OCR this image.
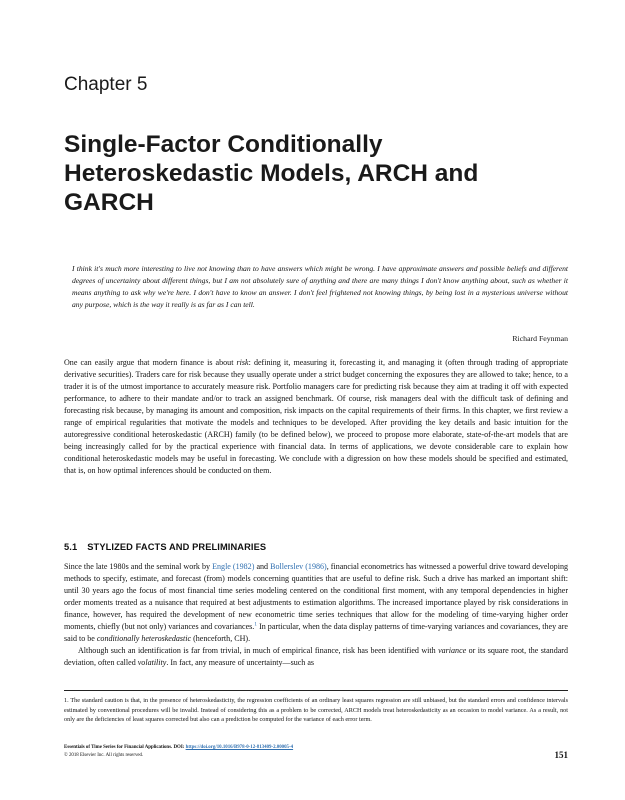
Chapter 5
Single-Factor Conditionally Heteroskedastic Models, ARCH and GARCH

I think it's much more interesting to live not knowing than to have answers which might be wrong. I have approximate answers and possible beliefs and different degrees of uncertainty about different things, but I am not absolutely sure of anything and there are many things I don't know anything about, such as whether it means anything to ask why we're here. I don't have to know an answer. I don't feel frightened not knowing things, by being lost in a mysterious universe without any purpose, which is the way it really is as far as I can tell.

Richard Feynman

One can easily argue that modern finance is about risk: defining it, measuring it, forecasting it, and managing it (often through trading of appropriate derivative securities). Traders care for risk because they usually operate under a strict budget concerning the exposures they are allowed to take; hence, to a trader it is of the utmost importance to accurately measure risk. Portfolio managers care for predicting risk because they aim at trading it off with expected performance, to adhere to their mandate and/or to track an assigned benchmark. Of course, risk managers deal with the difficult task of defining and forecasting risk because, by managing its amount and composition, risk impacts on the capital requirements of their firms. In this chapter, we first review a range of empirical regularities that motivate the models and techniques to be developed. After providing the key details and basic intuition for the autoregressive conditional heteroskedastic (ARCH) family (to be defined below), we proceed to propose more elaborate, state-of-the-art models that are being increasingly called for by the practical experience with financial data. In terms of applications, we devote considerable care to explain how conditional heteroskedastic models may be useful in forecasting. We conclude with a digression on how these models should be specified and estimated, that is, on how optimal inferences should be conducted on them.

5.1 STYLIZED FACTS AND PRELIMINARIES

Since the late 1980s and the seminal work by Engle (1982) and Bollerslev (1986), financial econometrics has witnessed a powerful drive toward developing methods to specify, estimate, and forecast (from) models concerning quantities that are useful to define risk. Such a drive has marked an important shift: until 30 years ago the focus of most financial time series modeling centered on the conditional first moment, with any temporal dependencies in higher order moments treated as a nuisance that required at best adjustments to estimation algorithms. The increased importance played by risk considerations in finance, however, has required the development of new econometric time series techniques that allow for the modeling of time-varying higher order moments, chiefly (but not only) variances and covariances.$^1$ In particular, when the data display patterns of time-varying variances and covariances, they are said to be conditionally heteroskedastic (henceforth, CH).

Although such an identification is far from trivial, in much of empirical finance, risk has been identified with variance or its square root, the standard deviation, often called volatility. In fact, any measure of uncertainty—such as

1. The standard caution is that, in the presence of heteroskedasticity, the regression coefficients of an ordinary least squares regression are still unbiased, but the standard errors and confidence intervals estimated by conventional procedures will be invalid. Instead of considering this as a problem to be corrected, ARCH models treat heteroskedasticity as an occasion to model variance. As a result, not only are the deficiencies of least squares corrected but also can a prediction be computed for the variance of each error term.

Essentials of Time Series for Financial Applications. DOI: https://doi.org/10.1016/B978-0-12-813409-2.00005-4

© 2018 Elsevier Inc. All rights reserved.	151
